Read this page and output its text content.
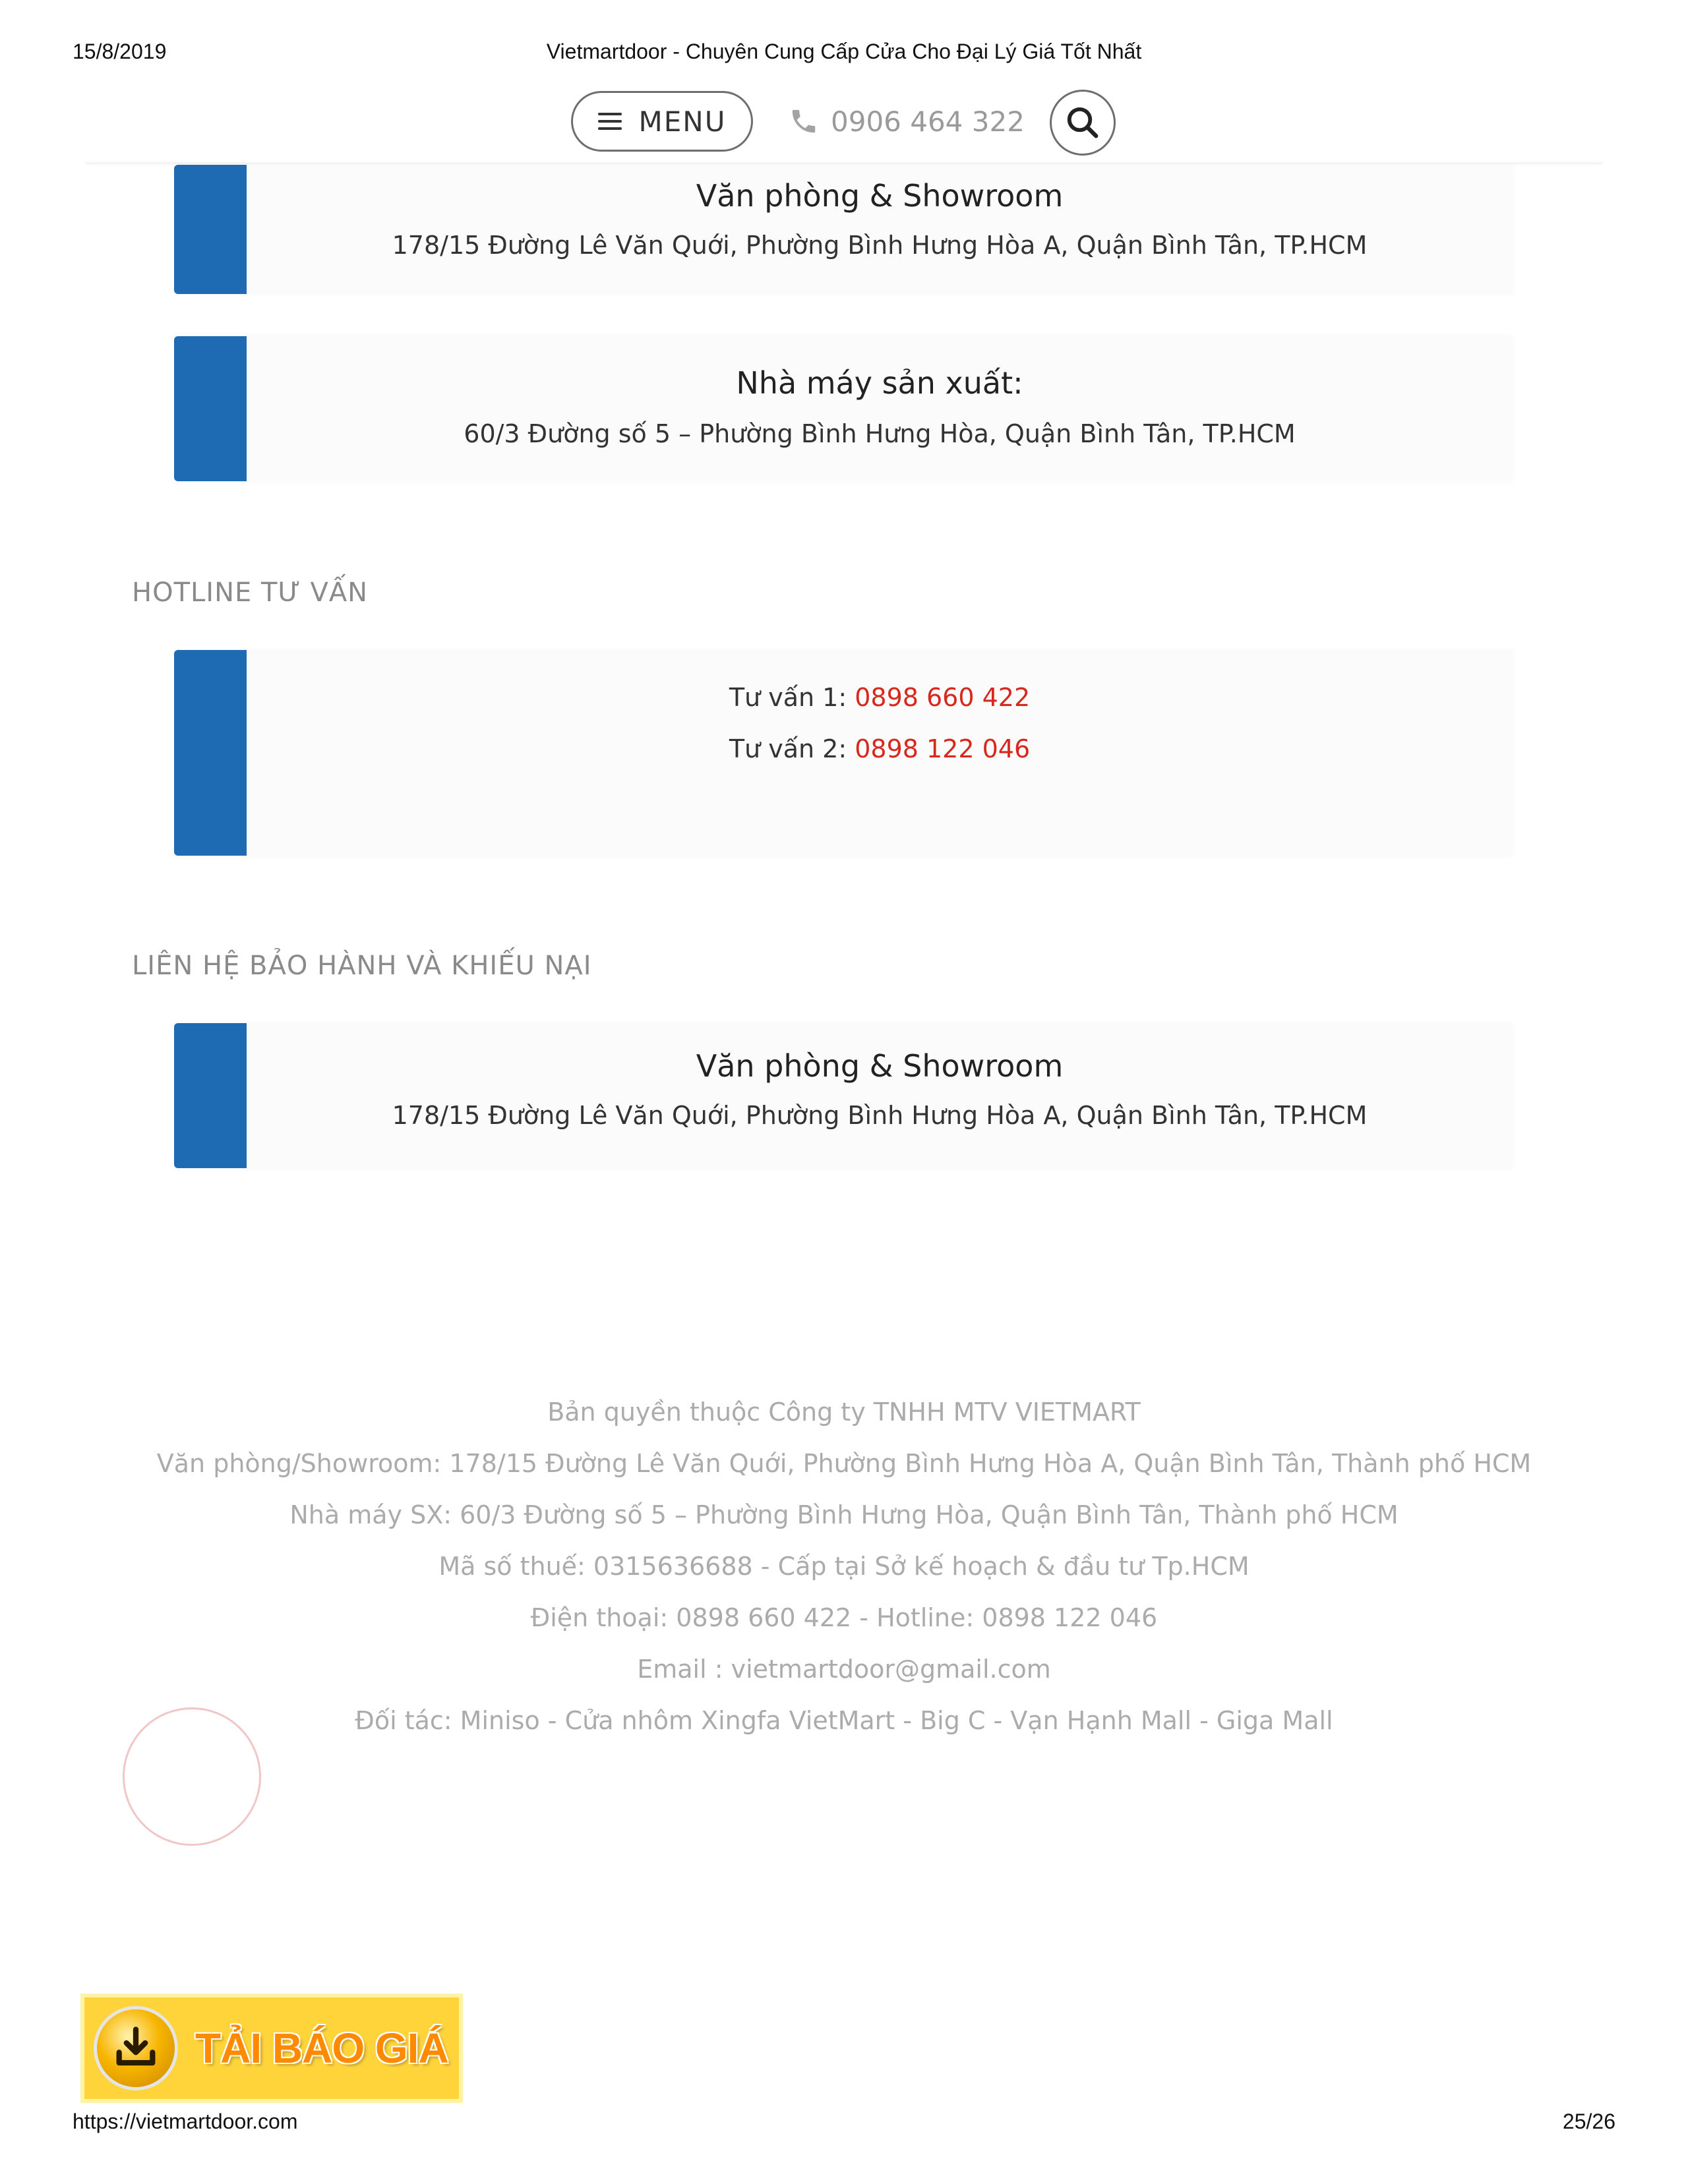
15/8/2019	Vietmartdoor - Chuyên Cung Cấp Cửa Cho Đại Lý Giá Tốt Nhất
MENU	0906 464 322
Văn phòng & Showroom
178/15 Đường Lê Văn Quới, Phường Bình Hưng Hòa A, Quận Bình Tân, TP.HCM
Nhà máy sản xuất:
60/3 Đường số 5 – Phường Bình Hưng Hòa, Quận Bình Tân, TP.HCM
HOTLINE TƯ VẤN
Tư vấn 1: 0898 660 422
Tư vấn 2: 0898 122 046
LIÊN HỆ BẢO HÀNH VÀ KHIẾU NẠI
Văn phòng & Showroom
178/15 Đường Lê Văn Quới, Phường Bình Hưng Hòa A, Quận Bình Tân, TP.HCM
Bản quyền thuộc Công ty TNHH MTV VIETMART
Văn phòng/Showroom: 178/15 Đường Lê Văn Quới, Phường Bình Hưng Hòa A, Quận Bình Tân, Thành phố HCM
Nhà máy SX: 60/3 Đường số 5 – Phường Bình Hưng Hòa, Quận Bình Tân, Thành phố HCM
Mã số thuế: 0315636688 - Cấp tại Sở kế hoạch & đầu tư Tp.HCM
Điện thoại: 0898 660 422 - Hotline: 0898 122 046
Email : vietmartdoor@gmail.com
Đối tác: Miniso - Cửa nhôm Xingfa VietMart - Big C - Vạn Hạnh Mall - Giga Mall
TẢI BÁO GIÁ
https://vietmartdoor.com	25/26
